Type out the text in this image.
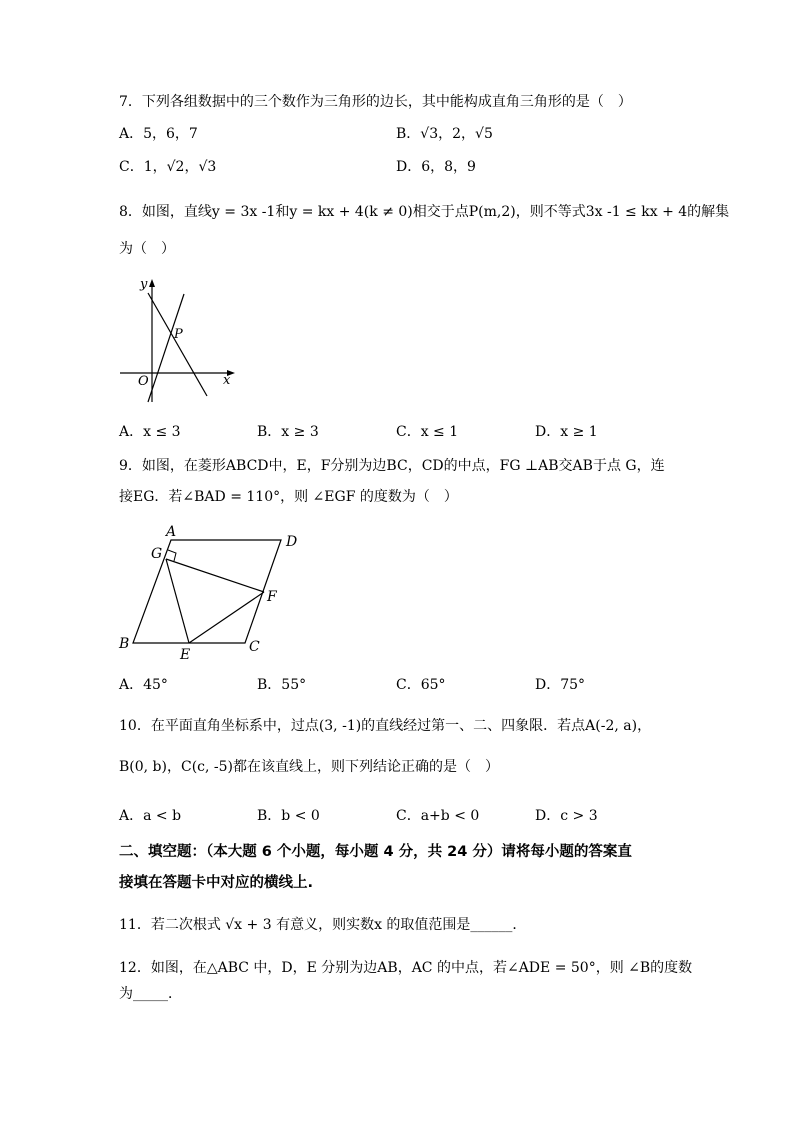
7．下列各组数据中的三个数作为三角形的边长，其中能构成直角三角形的是（　）
A．5，6，7	B．√3，2，√5
C．1，√2，√3	D．6，8，9
8．如图，直线y = 3x -1和y = kx + 4(k ≠ 0)相交于点P(m,2)，则不等式3x -1 ≤ kx + 4的解集
为（　）
y
P
O	x
A．x ≤ 3	B．x ≥ 3	C．x ≤ 1	D．x ≥ 1
9．如图，在菱形ABCD中，E，F分别为边BC，CD的中点，FG ⊥AB交AB于点 G，连
接EG．若∠BAD = 110°，则 ∠EGF 的度数为（　）
A
D
G
F
B
E	C
A．45°	B．55°	C．65°	D．75°
10．在平面直角坐标系中，过点(3, -1)的直线经过第一、二、四象限．若点A(-2, a)，
B(0, b)，C(c, -5)都在该直线上，则下列结论正确的是（　）
A．a < b	B．b < 0	C．a+b < 0	D．c > 3
二、填空题：（本大题 6 个小题，每小题 4 分，共 24 分）请将每小题的答案直
接填在答题卡中对应的横线上.
11．若二次根式 √x + 3 有意义，则实数x 的取值范围是______．
12．如图，在△ABC 中，D，E 分别为边AB，AC 的中点，若∠ADE = 50°，则 ∠B的度数
为_____．
